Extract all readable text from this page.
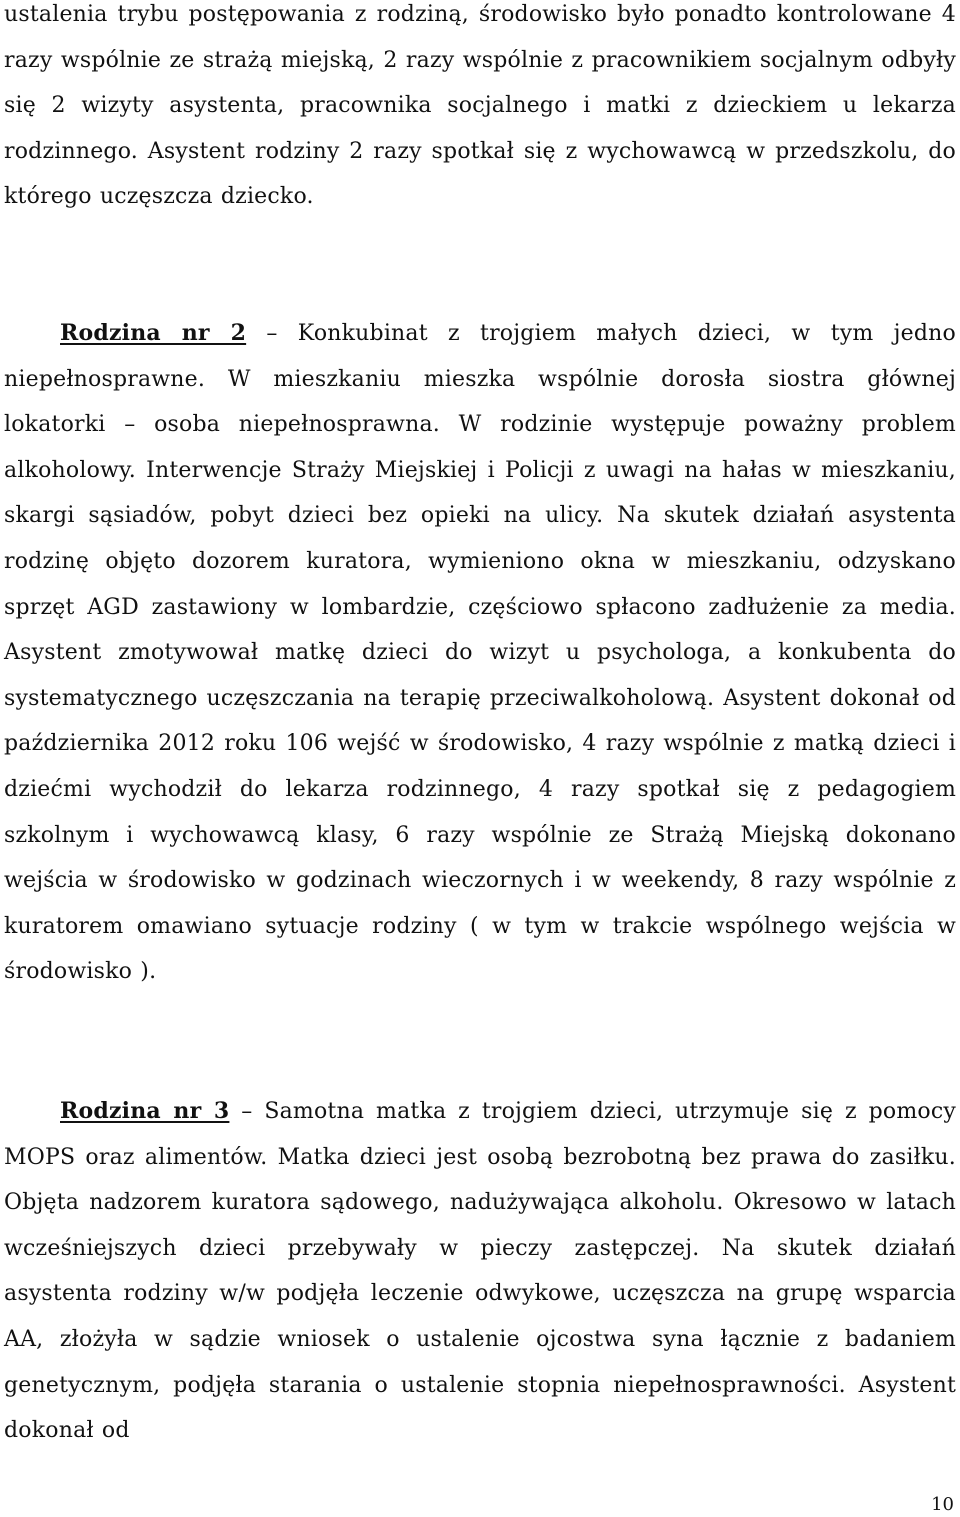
ustalenia trybu postępowania z rodziną, środowisko było ponadto kontrolowane 4 razy wspólnie ze strażą miejską, 2 razy wspólnie z pracownikiem socjalnym odbyły się 2 wizyty asystenta, pracownika socjalnego i matki z dzieckiem u lekarza rodzinnego. Asystent rodziny 2 razy spotkał się z wychowawcą w przedszkolu, do którego uczęszcza dziecko.

Rodzina nr 2 – Konkubinat z trojgiem małych dzieci, w tym jedno niepełnosprawne. W mieszkaniu mieszka wspólnie dorosła siostra głównej lokatorki – osoba niepełnosprawna. W rodzinie występuje poważny problem alkoholowy. Interwencje Straży Miejskiej i Policji z uwagi na hałas w mieszkaniu, skargi sąsiadów, pobyt dzieci bez opieki na ulicy. Na skutek działań asystenta rodzinę objęto dozorem kuratora, wymieniono okna w mieszkaniu, odzyskano sprzęt AGD zastawiony w lombardzie, częściowo spłacono zadłużenie za media. Asystent zmotywował matkę dzieci do wizyt u psychologa, a konkubenta do systematycznego uczęszczania na terapię przeciwalkoholową. Asystent dokonał od października 2012 roku 106 wejść w środowisko, 4 razy wspólnie z matką dzieci i dziećmi wychodził do lekarza rodzinnego, 4 razy spotkał się z pedagogiem szkolnym i wychowawcą klasy, 6 razy wspólnie ze Strażą Miejską dokonano wejścia w środowisko w godzinach wieczornych i w weekendy, 8 razy wspólnie z kuratorem omawiano sytuacje rodziny ( w tym w trakcie wspólnego wejścia w środowisko ).

Rodzina nr 3 – Samotna matka z trojgiem dzieci, utrzymuje się z pomocy MOPS oraz alimentów. Matka dzieci jest osobą bezrobotną bez prawa do zasiłku. Objęta nadzorem kuratora sądowego, nadużywająca alkoholu. Okresowo w latach wcześniejszych dzieci przebywały w pieczy zastępczej. Na skutek działań asystenta rodziny w/w podjęła leczenie odwykowe, uczęszcza na grupę wsparcia AA, złożyła w sądzie wniosek o ustalenie ojcostwa syna łącznie z badaniem genetycznym, podjęła starania o ustalenie stopnia niepełnosprawności. Asystent dokonał od

10
